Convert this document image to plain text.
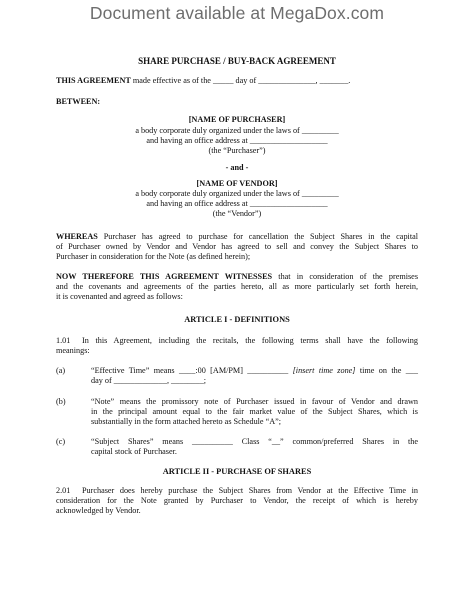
Document available at MegaDox.com
SHARE PURCHASE / BUY-BACK AGREEMENT
THIS AGREEMENT made effective as of the _____ day of ______________, _______.
BETWEEN:
[NAME OF PURCHASER]
a body corporate duly organized under the laws of _________
and having an office address at ___________________
(the “Purchaser”)
- and -
[NAME OF VENDOR]
a body corporate duly organized under the laws of _________
and having an office address at ___________________
(the “Vendor”)
WHEREAS Purchaser has agreed to purchase for cancellation the Subject Shares in the capital
of Purchaser owned by Vendor and Vendor has agreed to sell and convey the Subject Shares to
Purchaser in consideration for the Note (as defined herein);
NOW THEREFORE THIS AGREEMENT WITNESSES that in consideration of the premises
and the covenants and agreements of the parties hereto, all as more particularly set forth herein,
it is covenanted and agreed as follows:
ARTICLE I - DEFINITIONS
1.01 In this Agreement, including the recitals, the following terms shall have the following
meanings:
(a)	“Effective Time” means ____:00 [AM/PM] __________ [insert time zone] time on the ___
day of _____________, ________;
(b)	“Note” means the promissory note of Purchaser issued in favour of Vendor and drawn
in the principal amount equal to the fair market value of the Subject Shares, which is
substantially in the form attached hereto as Schedule “A”;
(c)	“Subject Shares” means __________ Class “__” common/preferred Shares in the
capital stock of Purchaser.
ARTICLE II - PURCHASE OF SHARES
2.01 Purchaser does hereby purchase the Subject Shares from Vendor at the Effective Time in
consideration for the Note granted by Purchaser to Vendor, the receipt of which is hereby
acknowledged by Vendor.
